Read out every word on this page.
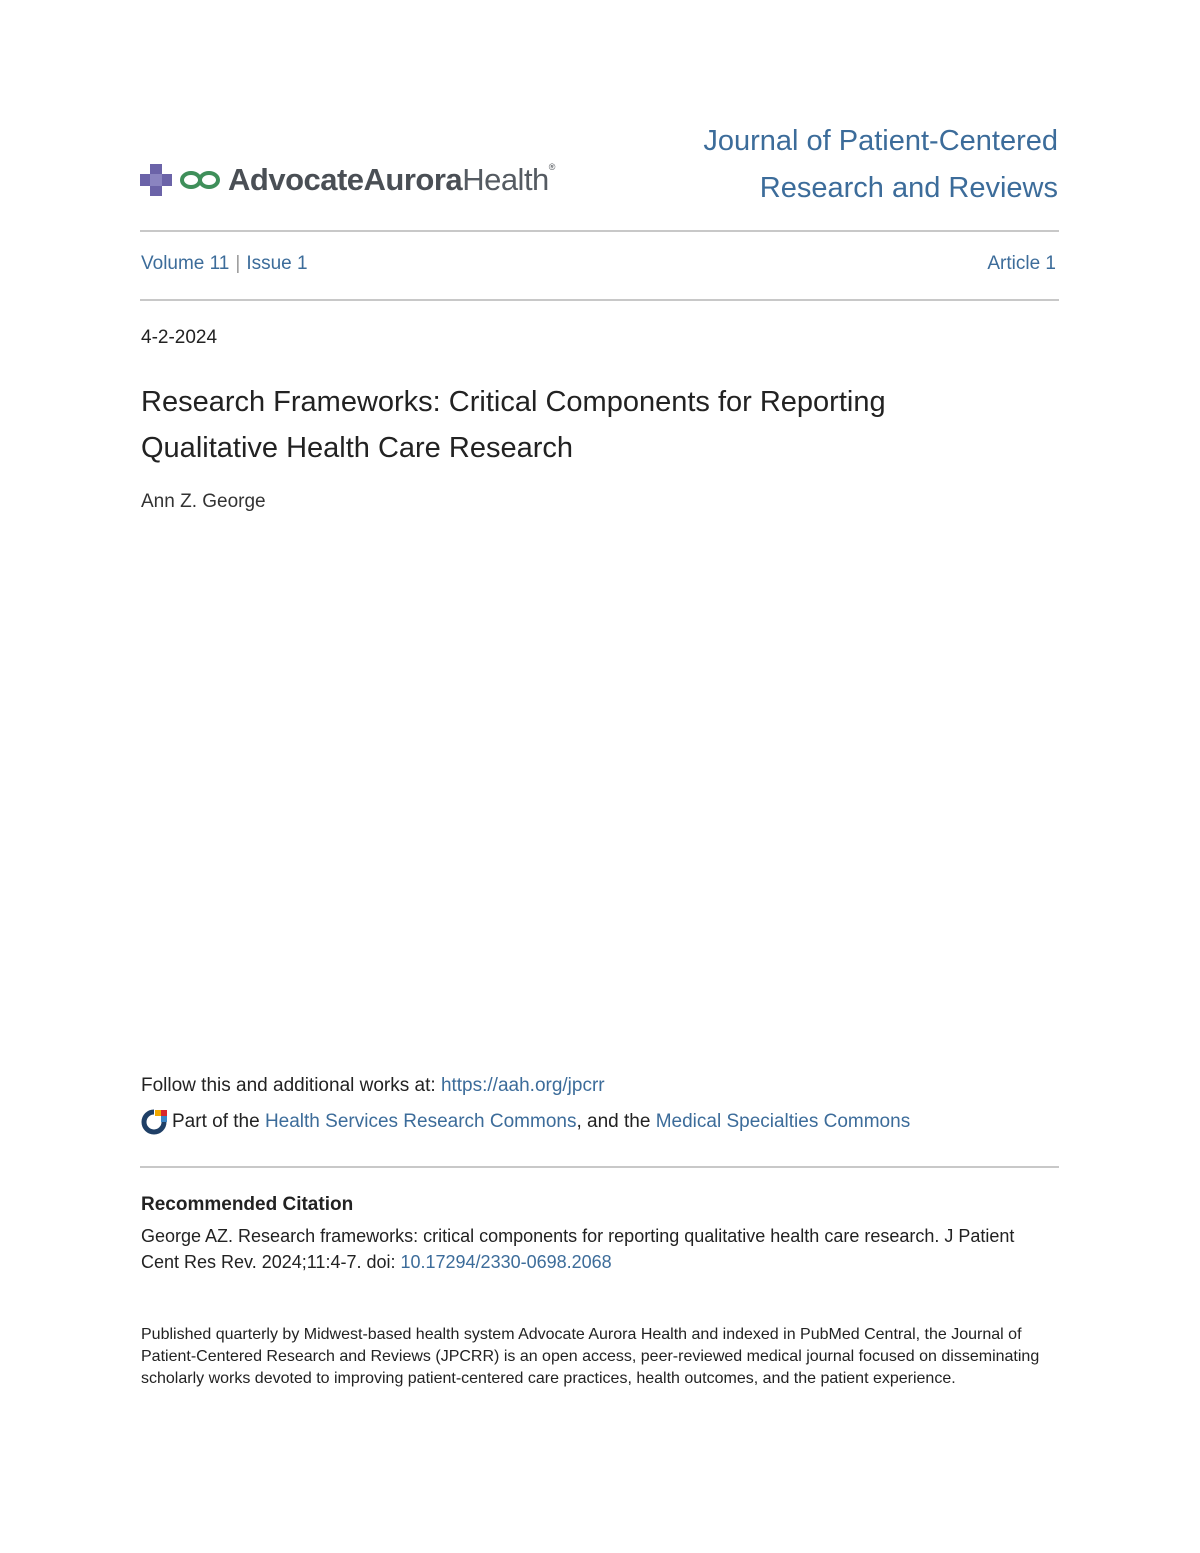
AdvocateAuroraHealth®
Journal of Patient-Centered
Research and Reviews
Volume 11 | Issue 1	Article 1
4-2-2024
Research Frameworks: Critical Components for Reporting
Qualitative Health Care Research
Ann Z. George
Follow this and additional works at: https://aah.org/jpcrr
Part of the
Health Services Research Commons , and the Medical Specialties Commons
Recommended Citation
George AZ. Research frameworks: critical components for reporting qualitative health care research. J Patient Cent Res Rev. 2024;11:4-7. doi: 10.17294/2330-0698.2068
Published quarterly by Midwest-based health system Advocate Aurora Health and indexed in PubMed Central, the Journal of Patient-Centered Research and Reviews (JPCRR) is an open access, peer-reviewed medical journal focused on disseminating scholarly works devoted to improving patient-centered care practices, health outcomes, and the patient experience.
